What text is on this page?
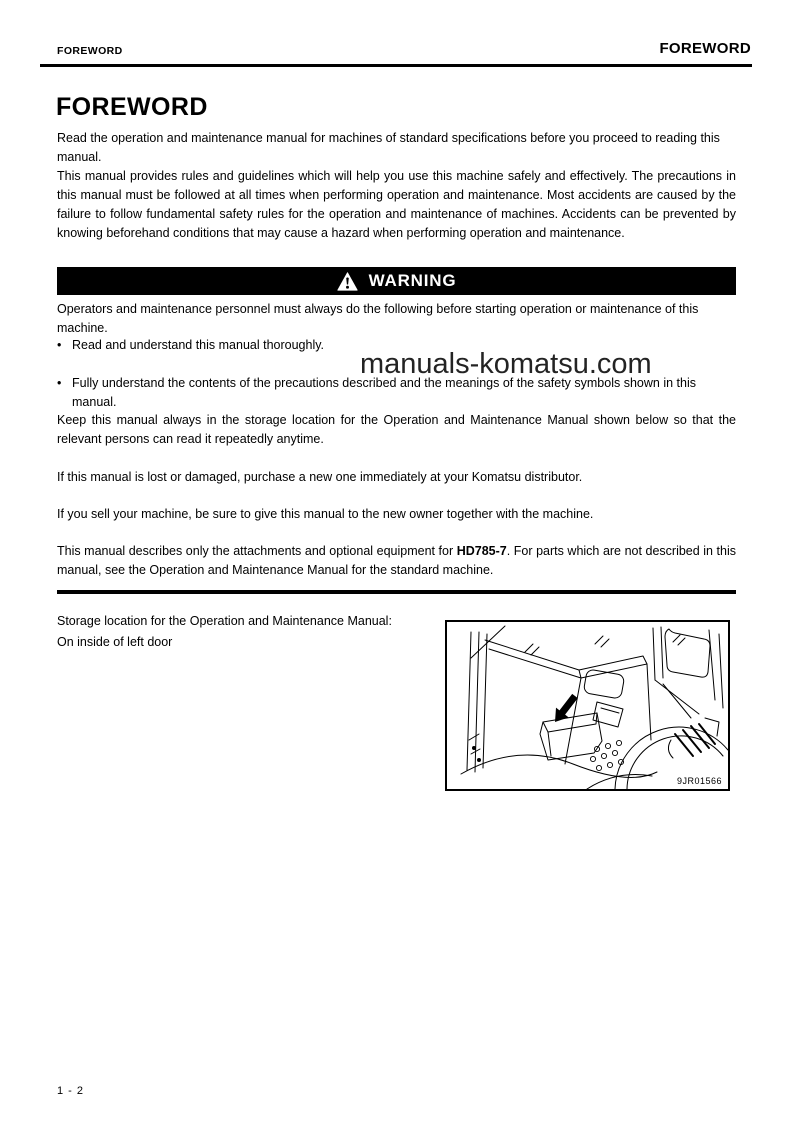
FOREWORD	FOREWORD
FOREWORD

Read the operation and maintenance manual for machines of standard specifications before you proceed to reading this manual.

This manual provides rules and guidelines which will help you use this machine safely and effectively. The precautions in this manual must be followed at all times when performing operation and maintenance. Most accidents are caused by the failure to follow fundamental safety rules for the operation and maintenance of machines. Accidents can be prevented by knowing beforehand conditions that may cause a hazard when performing operation and maintenance.

WARNING
Operators and maintenance personnel must always do the following before starting operation or maintenance of this machine.
• Read and understand this manual thoroughly.
• Fully understand the contents of the precautions described and the meanings of the safety symbols shown in this manual.
Keep this manual always in the storage location for the Operation and Maintenance Manual shown below so that the relevant persons can read it repeatedly anytime.
If this manual is lost or damaged, purchase a new one immediately at your Komatsu distributor.
If you sell your machine, be sure to give this manual to the new owner together with the machine.
This manual describes only the attachments and optional equipment for HD785-7. For parts which are not described in this manual, see the Operation and Maintenance Manual for the standard machine.
manuals-komatsu.com
Storage location for the Operation and Maintenance Manual:
On inside of left door
9JR01566
1 - 2
